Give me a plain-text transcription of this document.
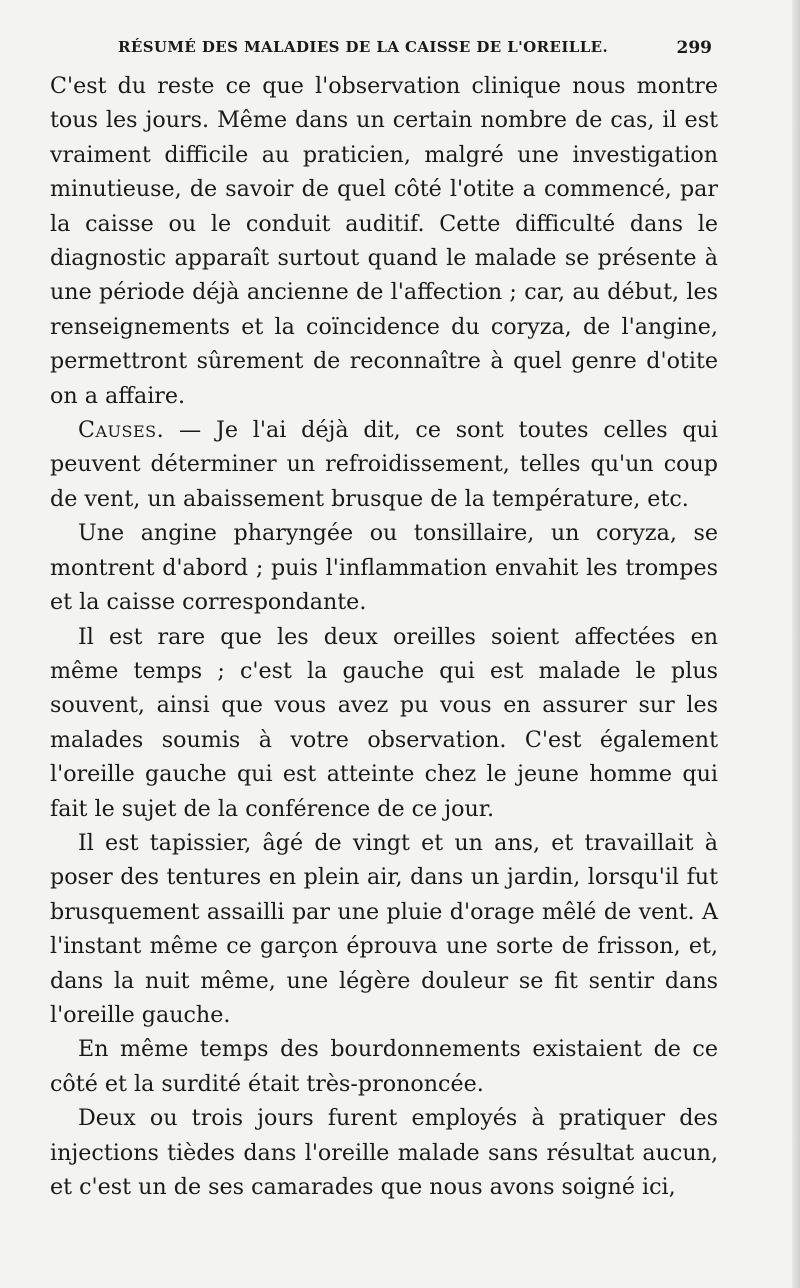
RÉSUMÉ DES MALADIES DE LA CAISSE DE L'OREILLE.	299

C'est du reste ce que l'observation clinique nous montre tous les jours. Même dans un certain nombre de cas, il est vraiment difficile au praticien, malgré une investigation minutieuse, de savoir de quel côté l'otite a commencé, par la caisse ou le conduit auditif. Cette difficulté dans le diagnostic apparaît surtout quand le malade se présente à une période déjà ancienne de l'affection ; car, au début, les renseignements et la coïncidence du coryza, de l'angine, permettront sûrement de reconnaître à quel genre d'otite on a affaire.

Causes. — Je l'ai déjà dit, ce sont toutes celles qui peuvent déterminer un refroidissement, telles qu'un coup de vent, un abaissement brusque de la température, etc.

Une angine pharyngée ou tonsillaire, un coryza, se montrent d'abord ; puis l'inflammation envahit les trompes et la caisse correspondante.

Il est rare que les deux oreilles soient affectées en même temps ; c'est la gauche qui est malade le plus souvent, ainsi que vous avez pu vous en assurer sur les malades soumis à votre observation. C'est également l'oreille gauche qui est atteinte chez le jeune homme qui fait le sujet de la conférence de ce jour.

Il est tapissier, âgé de vingt et un ans, et travaillait à poser des tentures en plein air, dans un jardin, lorsqu'il fut brusquement assailli par une pluie d'orage mêlé de vent. A l'instant même ce garçon éprouva une sorte de frisson, et, dans la nuit même, une légère douleur se fit sentir dans l'oreille gauche.

En même temps des bourdonnements existaient de ce côté et la surdité était très-prononcée.

Deux ou trois jours furent employés à pratiquer des injections tièdes dans l'oreille malade sans résultat aucun, et c'est un de ses camarades que nous avons soigné ici,
